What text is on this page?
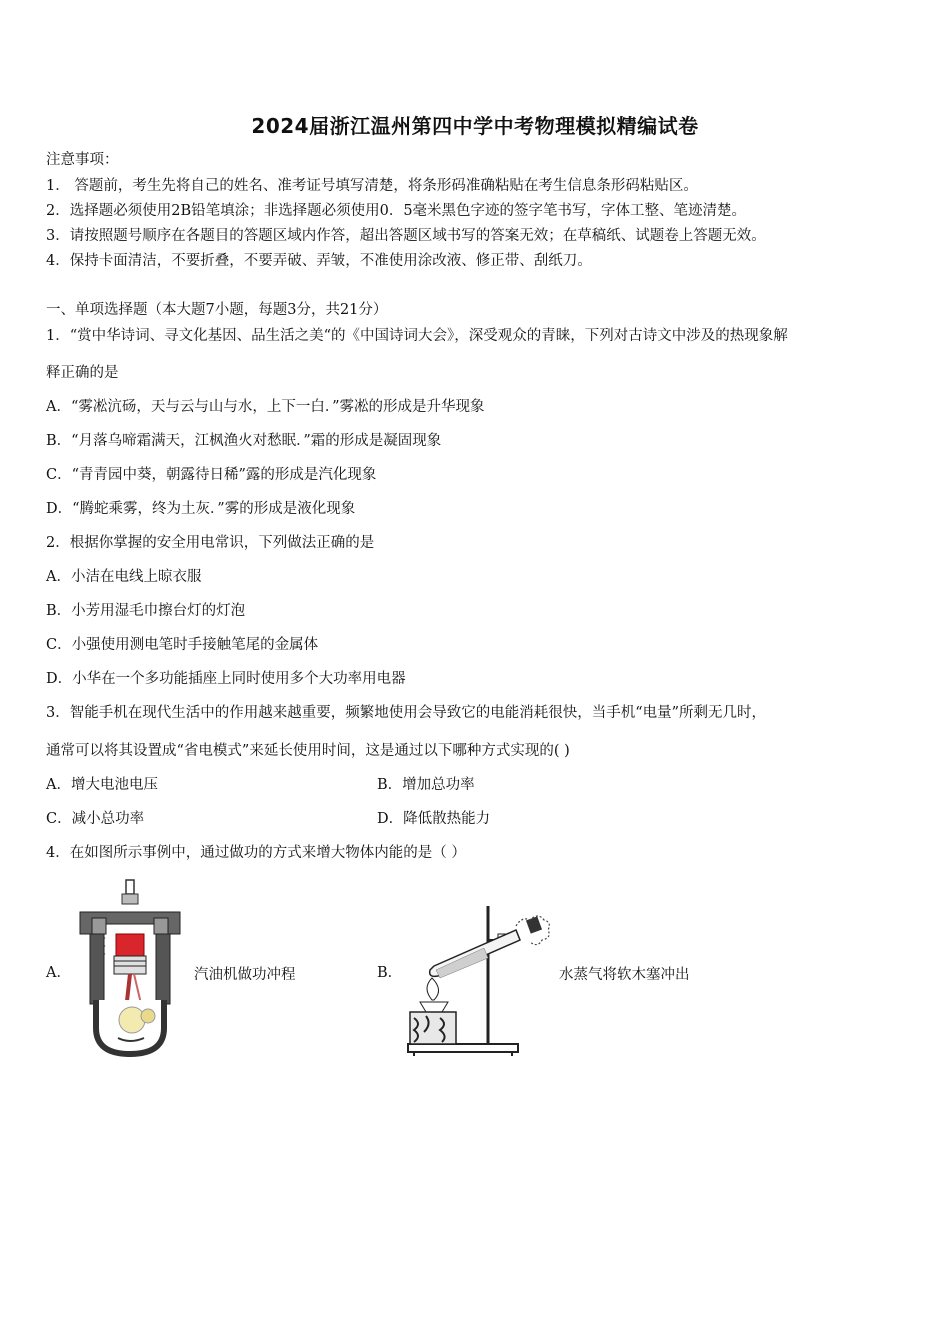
2024届浙江温州第四中学中考物理模拟精编试卷
注意事项：
1． 答题前，考生先将自己的姓名、准考证号填写清楚，将条形码准确粘贴在考生信息条形码粘贴区。
2．选择题必须使用2B铅笔填涂；非选择题必须使用0．5毫米黑色字迹的签字笔书写，字体工整、笔迹清楚。
3．请按照题号顺序在各题目的答题区域内作答，超出答题区域书写的答案无效；在草稿纸、试题卷上答题无效。
4．保持卡面清洁，不要折叠，不要弄破、弄皱，不准使用涂改液、修正带、刮纸刀。
一、单项选择题（本大题7小题，每题3分，共21分）
1．“赏中华诗词、寻文化基因、品生活之美“的《中国诗词大会》，深受观众的青睐，下列对古诗文中涉及的热现象解
释正确的是
A．“雾凇沆砀，天与云与山与水，上下一白．”雾凇的形成是升华现象
B．“月落乌啼霜满天，江枫渔火对愁眠．”霜的形成是凝固现象
C．“青青园中葵，朝露待日稀”露的形成是汽化现象
D．“腾蛇乘雾，终为土灰．”雾的形成是液化现象
2．根据你掌握的安全用电常识，下列做法正确的是
A．小洁在电线上晾衣服
B．小芳用湿毛巾擦台灯的灯泡
C．小强使用测电笔时手接触笔尾的金属体
D．小华在一个多功能插座上同时使用多个大功率用电器
3．智能手机在现代生活中的作用越来越重要，频繁地使用会导致它的电能消耗很快，当手机“电量”所剩无几时，
通常可以将其设置成“省电模式”来延长使用时间，这是通过以下哪种方式实现的( )
A．增大电池电压	B．增加总功率
C．减小总功率	D．降低散热能力
4．在如图所示事例中，通过做功的方式来增大物体内能的是（ ）
A．	汽油机做功冲程	B．	水蒸气将软木塞冲出
